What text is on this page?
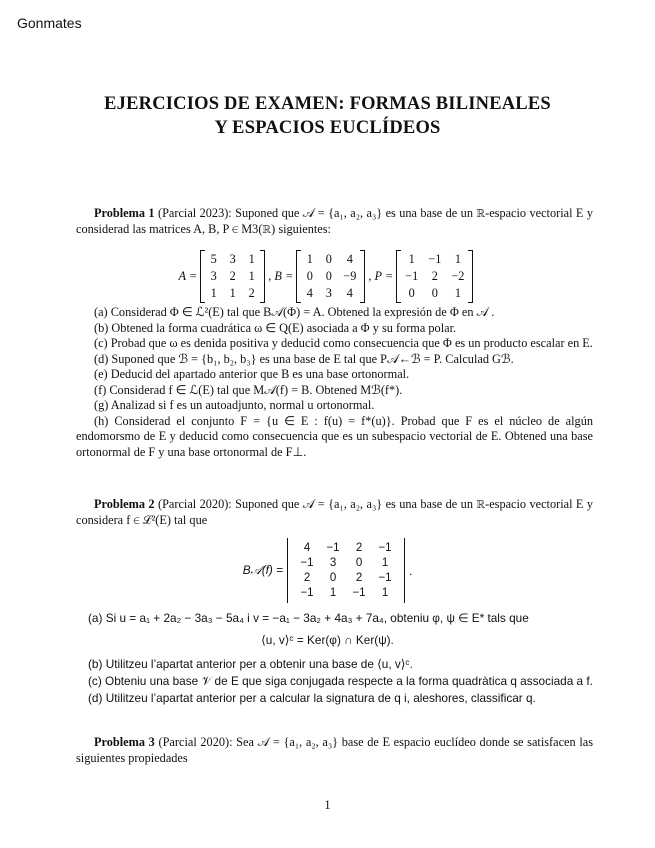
Gonmates
EJERCICIOS DE EXAMEN: FORMAS BILINEALES
Y ESPACIOS EUCLÍDEOS
Problema 1 (Parcial 2023): Suponed que 𝒜 = {a₁, a₂, a₃} es una base de un ℝ-espacio vectorial E y considerad las matrices A, B, P ∈ M3(ℝ) siguientes:
A =
5 3 1
3 2 1
1 1 2
, B =
1 0 4
0 0 −9
4 3 4
, P =
1 −1 1
−1 2 −2
0 0 1

(a) Considerad Φ ∈ ℒ²(E) tal que B𝒜(Φ) = A. Obtened la expresión de Φ en 𝒜 .

(b) Obtened la forma cuadrática ω ∈ Q(E) asociada a Φ y su forma polar.

(c) Probad que ω es denida positiva y deducid como consecuencia que Φ es un producto escalar en E.

(d) Suponed que ℬ = {b₁, b₂, b₃} es una base de E tal que P𝒜←ℬ = P. Calculad Gℬ.

(e) Deducid del apartado anterior que B es una base ortonormal.

(f) Considerad f ∈ ℒ(E) tal que M𝒜(f) = B. Obtened Mℬ(f*).

(g) Analizad si f es un autoadjunto, normal u ortonormal.

(h) Considerad el conjunto F = {u ∈ E : f(u) = f*(u)}. Probad que F es el núcleo de algún endomorsmo de E y deducid como consecuencia que es un subespacio vectorial de E. Obtened una base ortonormal de F y una base ortonormal de F⊥.

Problema 2 (Parcial 2020): Suponed que 𝒜 = {a₁, a₂, a₃} es una base de un ℝ-espacio vectorial E y considera f ∈ ℒ²(E) tal que
B𝒜(f) =
4	−1	2	−1
−1	3	0	1
2	0	2	−1
−1	1	−1	1
.
(a) Si u = a₁ + 2a₂ − 3a₃ − 5a₄ i v = −a₁ − 3a₂ + 4a₃ + 7a₄, obteniu φ, ψ ∈ E* tals que
⟨u, v⟩ᶜ = Ker(φ) ∩ Ker(ψ).
(b) Utilitzeu l’apartat anterior per a obtenir una base de ⟨u, v⟩ᶜ.
(c) Obteniu una base 𝒱 de E que siga conjugada respecte a la forma quadràtica q associada a f.
(d) Utilitzeu l’apartat anterior per a calcular la signatura de q i, aleshores, classificar q.
Problema 3 (Parcial 2020): Sea 𝒜 = {a₁, a₂, a₃} base de E espacio euclídeo donde se satisfacen las siguientes propiedades
1
